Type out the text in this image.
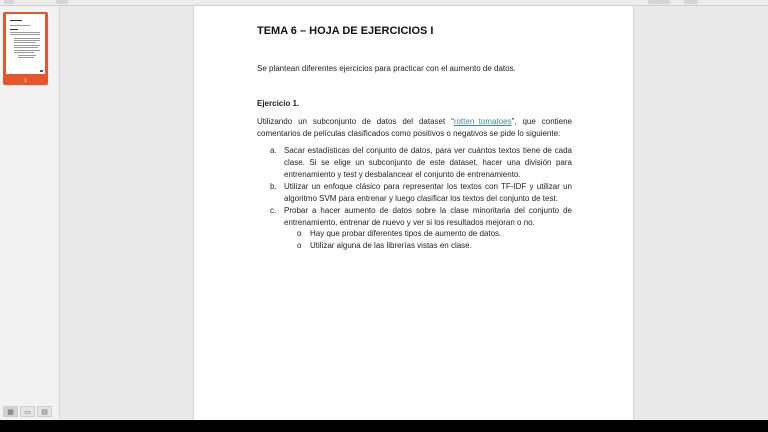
1
▦	▭	▤
TEMA 6 – HOJA DE EJERCICIOS I
Se plantean diferentes ejercicios para practicar con el aumento de datos.
Ejercicio 1.
Utilizando un subconjunto de datos del dataset “rotten_tomatoes”, que contiene comentarios de películas clasificados como positivos o negativos se pide lo siguiente:
a. Sacar estadísticas del conjunto de datos, para ver cuántos textos tiene de cada clase. Si se elige un subconjunto de este dataset, hacer una división para entrenamiento y test y desbalancear el conjunto de entrenamiento.
b. Utilizar un enfoque clásico para representar los textos con TF-IDF y utilizar un algoritmo SVM para entrenar y luego clasificar los textos del conjunto de test.
c. Probar a hacer aumento de datos sobre la clase minoritaria del conjunto de entrenamiento, entrenar de nuevo y ver si los resultados mejoran o no.
o Hay que probar diferentes tipos de aumento de datos.
o Utilizar alguna de las librerías vistas en clase.
